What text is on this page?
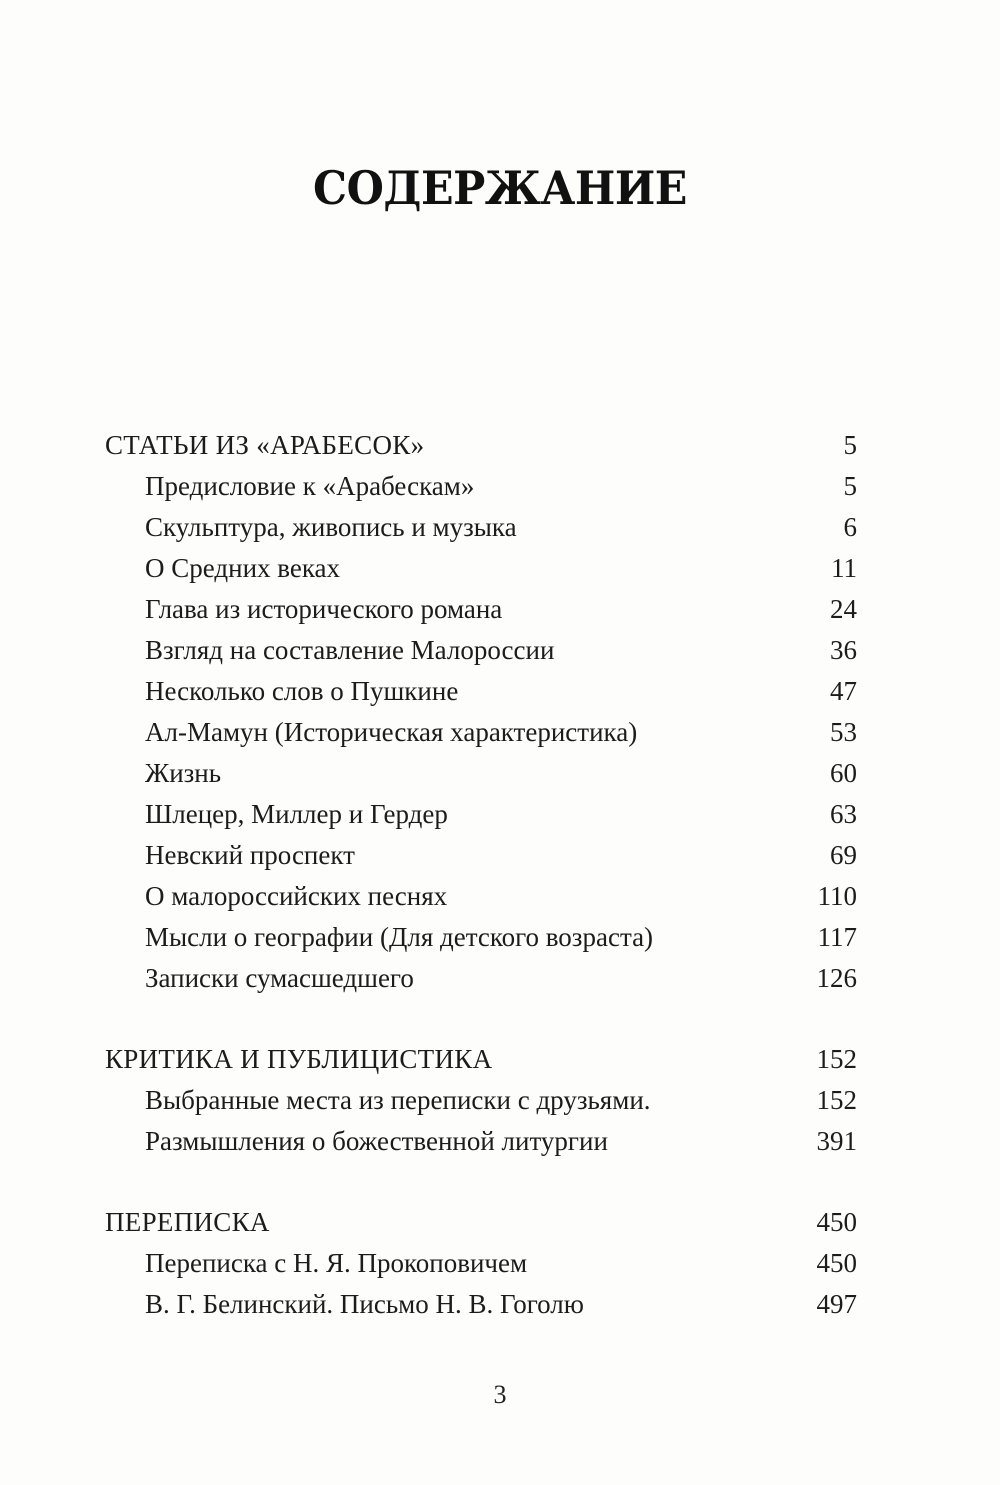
СОДЕРЖАНИЕ
СТАТЬИ ИЗ «АРАБЕСОК»	5
Предисловие к «Арабескам»	5
Скульптура, живопись и музыка	6
О Средних веках	11
Глава из исторического романа	24
Взгляд на составление Малороссии	36
Несколько слов о Пушкине	47
Ал-Мамун (Историческая характеристика)	53
Жизнь	60
Шлецер, Миллер и Гердер	63
Невский проспект	69
О малороссийских песнях	110
Мысли о географии (Для детского возраста)	117
Записки сумасшедшего	126
КРИТИКА И ПУБЛИЦИСТИКА	152
Выбранные места из переписки с друзьями.	152
Размышления о божественной литургии	391
ПЕРЕПИСКА	450
Переписка с Н. Я. Прокоповичем	450
В. Г. Белинский. Письмо Н. В. Гоголю	497
3
